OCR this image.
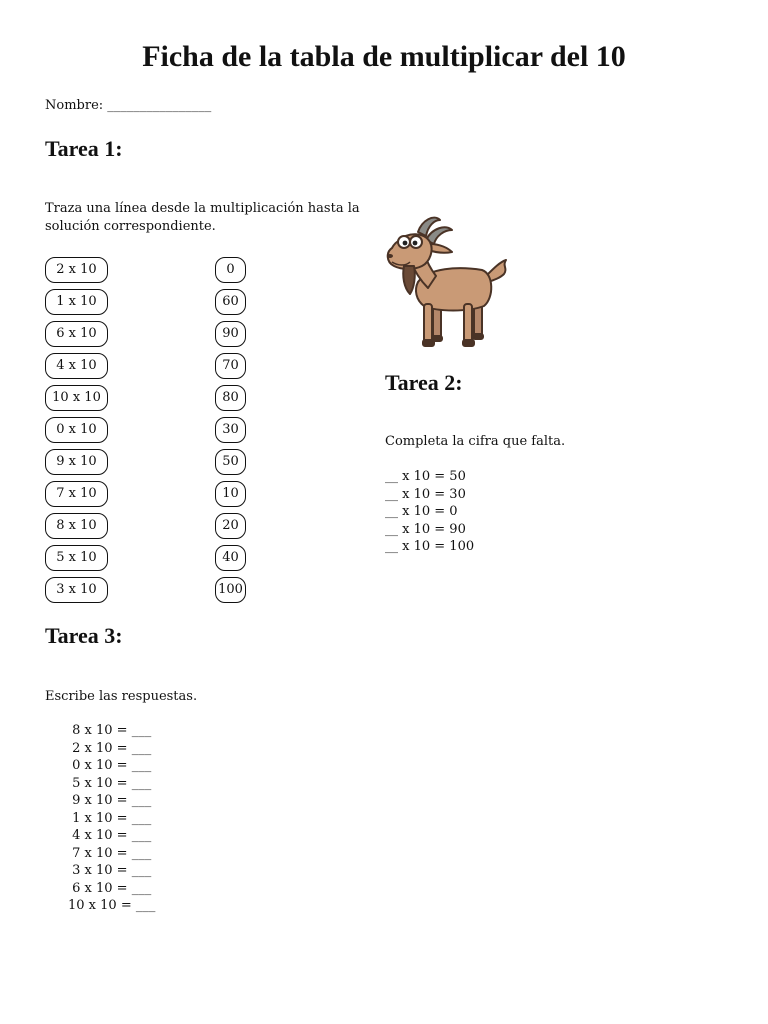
Ficha de la tabla de multiplicar del 10
Nombre: ________________
Tarea 1:
Traza una línea desde la multiplicación hasta la
solución correspondiente.
2 x 10
1 x 10
6 x 10
4 x 10
10 x 10
0 x 10
9 x 10
7 x 10
8 x 10
5 x 10
3 x 10
0
60
90
70
80
30
50
10
20
40
100
Tarea 2:
Completa la cifra que falta.
__ x 10 = 50
__ x 10 = 30
__ x 10 = 0
__ x 10 = 90
__ x 10 = 100
Tarea 3:
Escribe las respuestas.
8 x 10 = ___
2 x 10 = ___
0 x 10 = ___
5 x 10 = ___
9 x 10 = ___
1 x 10 = ___
4 x 10 = ___
7 x 10 = ___
3 x 10 = ___
6 x 10 = ___
10 x 10 = ___
